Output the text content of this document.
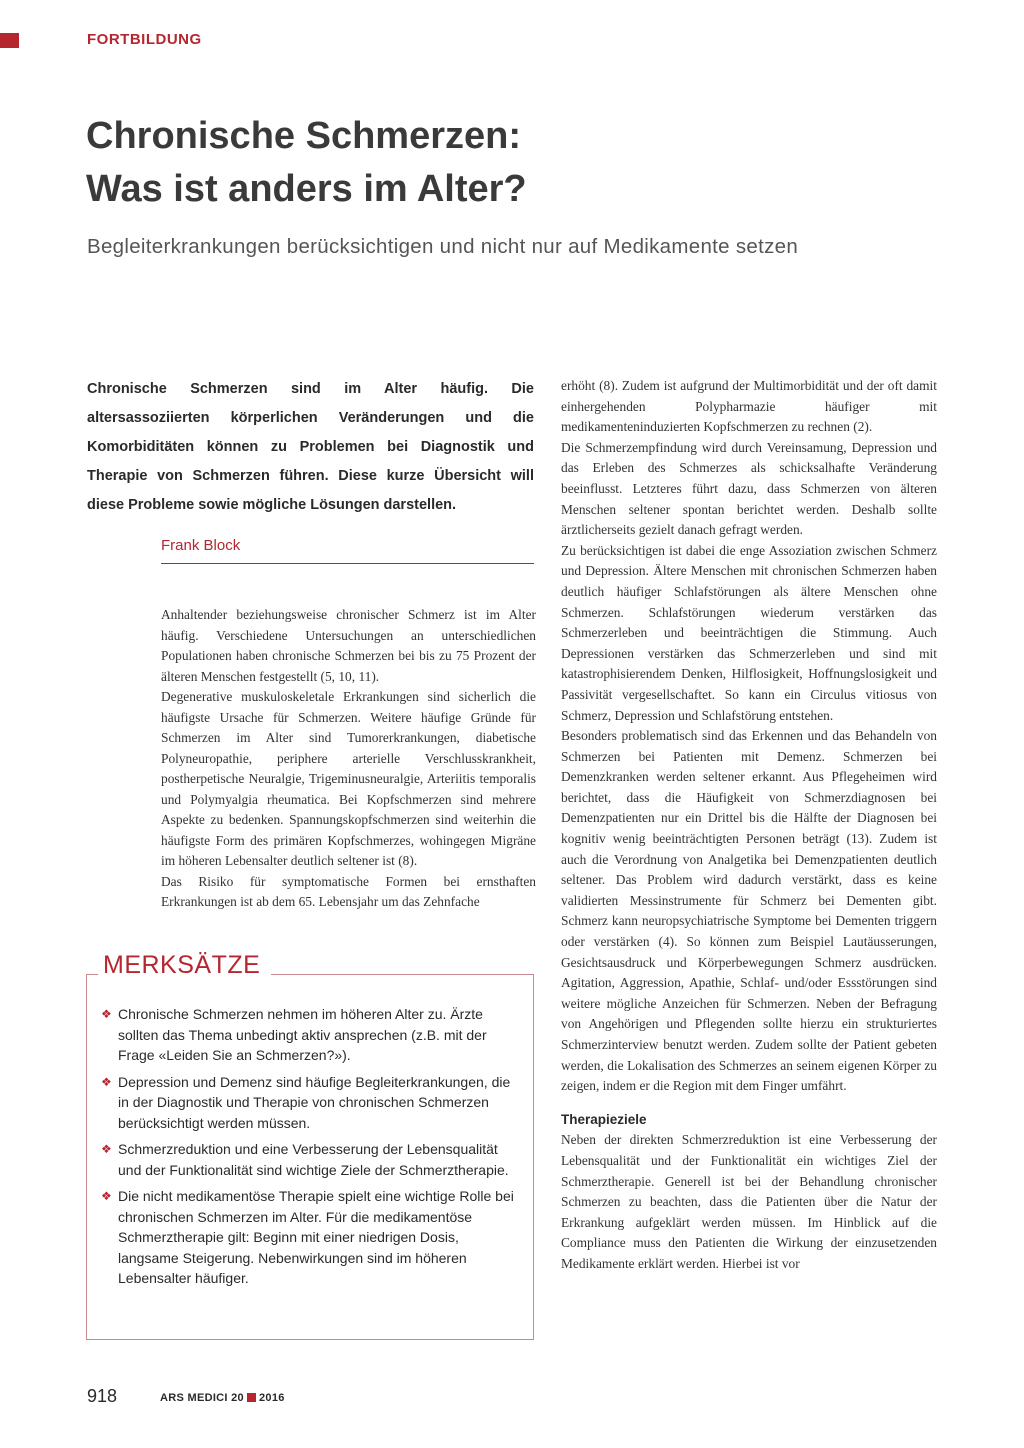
FORTBILDUNG
Chronische Schmerzen:
Was ist anders im Alter?
Begleiterkrankungen berücksichtigen und nicht nur auf Medikamente setzen

Chronische Schmerzen sind im Alter häufig. Die altersassoziierten körperlichen Veränderungen und die Komorbiditäten können zu Problemen bei Diagnostik und Therapie von Schmerzen führen. Diese kurze Übersicht will diese Probleme sowie mögliche Lösungen darstellen.

Frank Block

Anhaltender beziehungsweise chronischer Schmerz ist im Alter häufig. Verschiedene Untersuchungen an unterschiedlichen Populationen haben chronische Schmerzen bei bis zu 75 Prozent der älteren Menschen festgestellt (5, 10, 11).

Degenerative muskuloskeletale Erkrankungen sind sicherlich die häufigste Ursache für Schmerzen. Weitere häufige Gründe für Schmerzen im Alter sind Tumorerkrankungen, diabetische Polyneuropathie, periphere arterielle Verschlusskrankheit, postherpetische Neuralgie, Trigeminusneuralgie, Arteriitis temporalis und Polymyalgia rheumatica. Bei Kopfschmerzen sind mehrere Aspekte zu bedenken. Spannungskopfschmerzen sind weiterhin die häufigste Form des primären Kopfschmerzes, wohingegen Migräne im höheren Lebensalter deutlich seltener ist (8).

Das Risiko für symptomatische Formen bei ernsthaften Erkrankungen ist ab dem 65. Lebensjahr um das Zehnfache

MERKSÄTZE
❖ Chronische Schmerzen nehmen im höheren Alter zu. Ärzte sollten das Thema unbedingt aktiv ansprechen (z.B. mit der Frage «Leiden Sie an Schmerzen?»).
❖ Depression und Demenz sind häufige Begleiterkrankungen, die in der Diagnostik und Therapie von chronischen Schmerzen berücksichtigt werden müssen.
❖ Schmerzreduktion und eine Verbesserung der Lebensqualität und der Funktionalität sind wichtige Ziele der Schmerztherapie.
❖ Die nicht medikamentöse Therapie spielt eine wichtige Rolle bei chronischen Schmerzen im Alter. Für die medikamentöse Schmerztherapie gilt: Beginn mit einer niedrigen Dosis, langsame Steigerung. Nebenwirkungen sind im höheren Lebensalter häufiger.

erhöht (8). Zudem ist aufgrund der Multimorbidität und der oft damit einhergehenden Polypharmazie häufiger mit medikamenteninduzierten Kopfschmerzen zu rechnen (2).

Die Schmerzempfindung wird durch Vereinsamung, Depression und das Erleben des Schmerzes als schicksalhafte Veränderung beeinflusst. Letzteres führt dazu, dass Schmerzen von älteren Menschen seltener spontan berichtet werden. Deshalb sollte ärztlicherseits gezielt danach gefragt werden.

Zu berücksichtigen ist dabei die enge Assoziation zwischen Schmerz und Depression. Ältere Menschen mit chronischen Schmerzen haben deutlich häufiger Schlafstörungen als ältere Menschen ohne Schmerzen. Schlafstörungen wiederum verstärken das Schmerzerleben und beeinträchtigen die Stimmung. Auch Depressionen verstärken das Schmerzerleben und sind mit katastrophisierendem Denken, Hilflosigkeit, Hoffnungslosigkeit und Passivität vergesellschaftet. So kann ein Circulus vitiosus von Schmerz, Depression und Schlafstörung entstehen.

Besonders problematisch sind das Erkennen und das Behandeln von Schmerzen bei Patienten mit Demenz. Schmerzen bei Demenzkranken werden seltener erkannt. Aus Pflegeheimen wird berichtet, dass die Häufigkeit von Schmerzdiagnosen bei Demenzpatienten nur ein Drittel bis die Hälfte der Diagnosen bei kognitiv wenig beeinträchtigten Personen beträgt (13). Zudem ist auch die Verordnung von Analgetika bei Demenzpatienten deutlich seltener. Das Problem wird dadurch verstärkt, dass es keine validierten Messinstrumente für Schmerz bei Dementen gibt. Schmerz kann neuropsychiatrische Symptome bei Dementen triggern oder verstärken (4). So können zum Beispiel Lautäusserungen, Gesichtsausdruck und Körperbewegungen Schmerz ausdrücken. Agitation, Aggression, Apathie, Schlaf- und/oder Essstörungen sind weitere mögliche Anzeichen für Schmerzen. Neben der Befragung von Angehörigen und Pflegenden sollte hierzu ein strukturiertes Schmerzinterview benutzt werden. Zudem sollte der Patient gebeten werden, die Lokalisation des Schmerzes an seinem eigenen Körper zu zeigen, indem er die Region mit dem Finger umfährt.

Therapieziele

Neben der direkten Schmerzreduktion ist eine Verbesserung der Lebensqualität und der Funktionalität ein wichtiges Ziel der Schmerztherapie. Generell ist bei der Behandlung chronischer Schmerzen zu beachten, dass die Patienten über die Natur der Erkrankung aufgeklärt werden müssen. Im Hinblick auf die Compliance muss den Patienten die Wirkung der einzusetzenden Medikamente erklärt werden. Hierbei ist vor

918	ARS MEDICI 20 2016
